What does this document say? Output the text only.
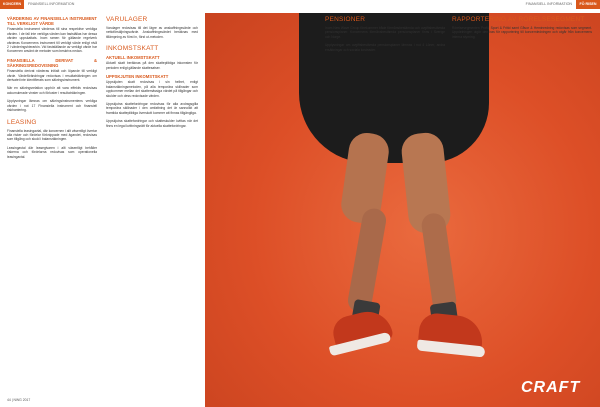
KONCERN	FINANSIELL INFORMATION	FINANSIELL INFORMATION	FÖ RISEN
CRAFT
VÄRDERING AV FINANSIELLA INSTRUMENT TILL VERKLIGT VÄRDE

Finansiella instrument värderas till sina respektive verkliga värden. I de fall inte verkliga värden kan fastställas har dessa värden uppskattats. Inom ramen för gällande regelverk värderas Koncernens instrument till verkligt värde enligt nivå 2 i värderingshierarkin. Vid fastställande av verkligt värde har Koncernen använt de metoder som beskrivs nedan.

FINANSIELLA DERIVAT & SÄKRINGSREDOVISNING

Finansiella derivat värderas initialt och löpande till verkligt värde. Värdeförändringar redovisas i resultaträkningen om derivatet inte identifierats som säkringsinstrument.

När en säkringsrelation upphör att vara effektiv redovisas ackumulerade vinster och förluster i resultaträkningen.

Upplysningar lämnas om säkringsinstrumentens verkliga värden i not 17 Finansiella instrument och finansiell riskhantering.

LEASING

Finansiella leasingavtal, där koncernen i allt väsentligt övertar alla risker och fördelar förknippade med ägandet, redovisas som tillgång och skuld i balansräkningen.

Leasingavtal där leasegivaren i allt väsentligt behåller riskerna och fördelarna redovisas som operationella leasingavtal.

VARULAGER

Varulager redovisas till det lägre av anskaffningsvärde och nettoförsäljningsvärde. Anskaffningsvärdet beräknas med tillämpning av först in, först ut-metoden.

INKOMSTSKATT
AKTUELL INKOMSTSKATT

Aktuell skatt beräknas på den skattepliktiga inkomsten för perioden enligt gällande skattesatser.

UPPSKJUTEN INKOMSTSKATT

Uppskjuten skatt redovisas i sin helhet, enligt balansräkningsmetoden, på alla temporära skillnader som uppkommer mellan det skattemässiga värdet på tillgångar och skulder och dess redovisade värden.

Uppskjutna skattefordringar redovisas för alla avdragsgilla temporära skillnader i den omfattning det är sannolikt att framtida skattepliktiga överskott kommer att finnas tillgängliga.

Uppskjutna skattefordringar och skatteskulder kvittas när det finns en legal kvittningsrätt för aktuella skattefordringar.

PENSIONER

Inom New Wave Group förekommer både förmånsbestämda och avgiftsbestämda pensionsplaner. Koncernens förmånsbestämda pensionsplaner finns i Sverige och Norge.

Upplysningar om avgiftsbestämda pensionsplaner lämnas i not 4 Löner, andra ersättningar och sociala kostnader.

RAPPORTERING AV RÖRELSESEGMENT

Rörelsesegmenten Profil, Sport & Fritid samt Gåvor & Heminredning redovisas som segment. Uppdelningen utgör den bas för rapportering till koncernledningen och utgår från koncernens interna styrning.

44 | NWG 2017
